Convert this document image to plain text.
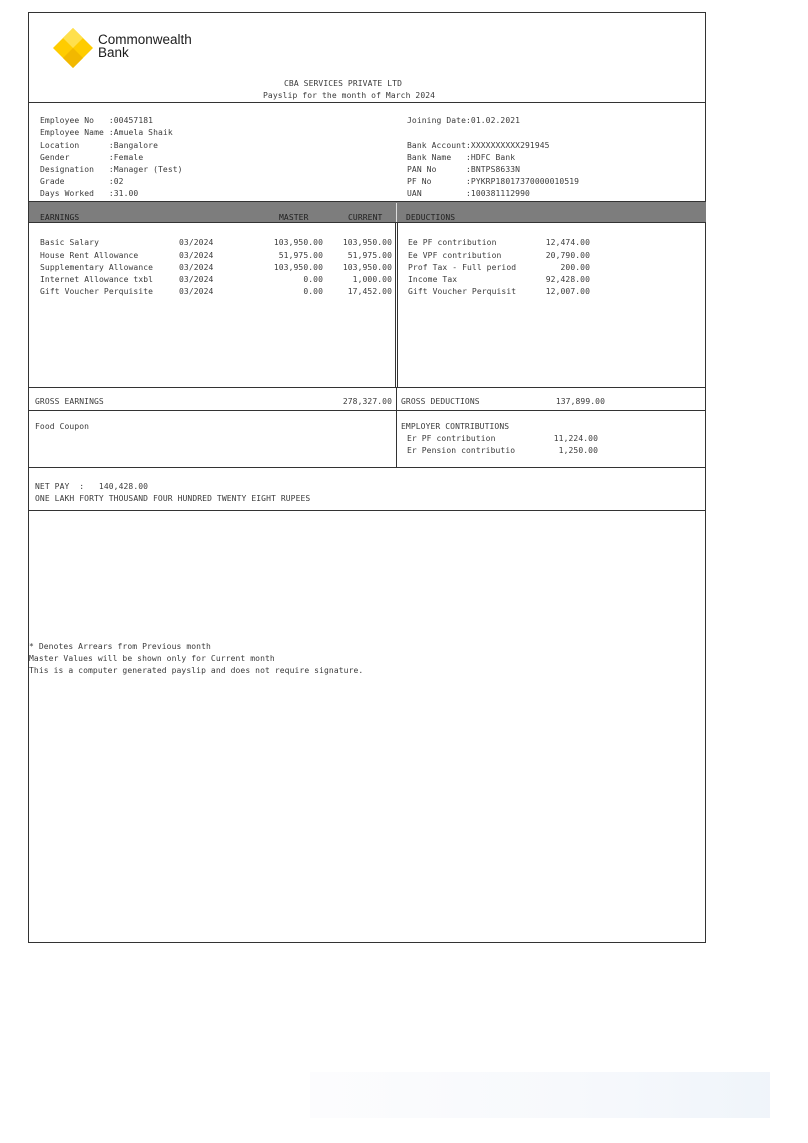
Commonwealth
Bank
CBA SERVICES PRIVATE LTD
Payslip for the month of March 2024
Employee No   :00457181
Employee Name :Amuela Shaik
Location      :Bangalore
Gender        :Female
Designation   :Manager (Test)
Grade         :02
Days Worked   :31.00
Joining Date:01.02.2021
Bank Account:XXXXXXXXXX291945
Bank Name   :HDFC Bank
PAN No      :BNTPS8633N
PF No       :PYKRP18017370000010519
UAN         :100381112990
EARNINGS	MASTER	CURRENT	DEDUCTIONS
Basic Salary	03/2024	103,950.00	103,950.00
House Rent Allowance	03/2024	51,975.00	51,975.00
Supplementary Allowance	03/2024	103,950.00	103,950.00
Internet Allowance txbl	03/2024	0.00	1,000.00
Gift Voucher Perquisite	03/2024	0.00	17,452.00
Ee PF contribution	12,474.00
Ee VPF contribution	20,790.00
Prof Tax - Full period	200.00
Income Tax	92,428.00
Gift Voucher Perquisit	12,007.00
GROSS EARNINGS	278,327.00 GROSS DEDUCTIONS	137,899.00
Food Coupon	EMPLOYER CONTRIBUTIONS
Er PF contribution	11,224.00
Er Pension contributio	1,250.00
NET PAY  : 140,428.00
ONE LAKH FORTY THOUSAND FOUR HUNDRED TWENTY EIGHT RUPEES
* Denotes Arrears from Previous month
Master Values will be shown only for Current month
This is a computer generated payslip and does not require signature.
